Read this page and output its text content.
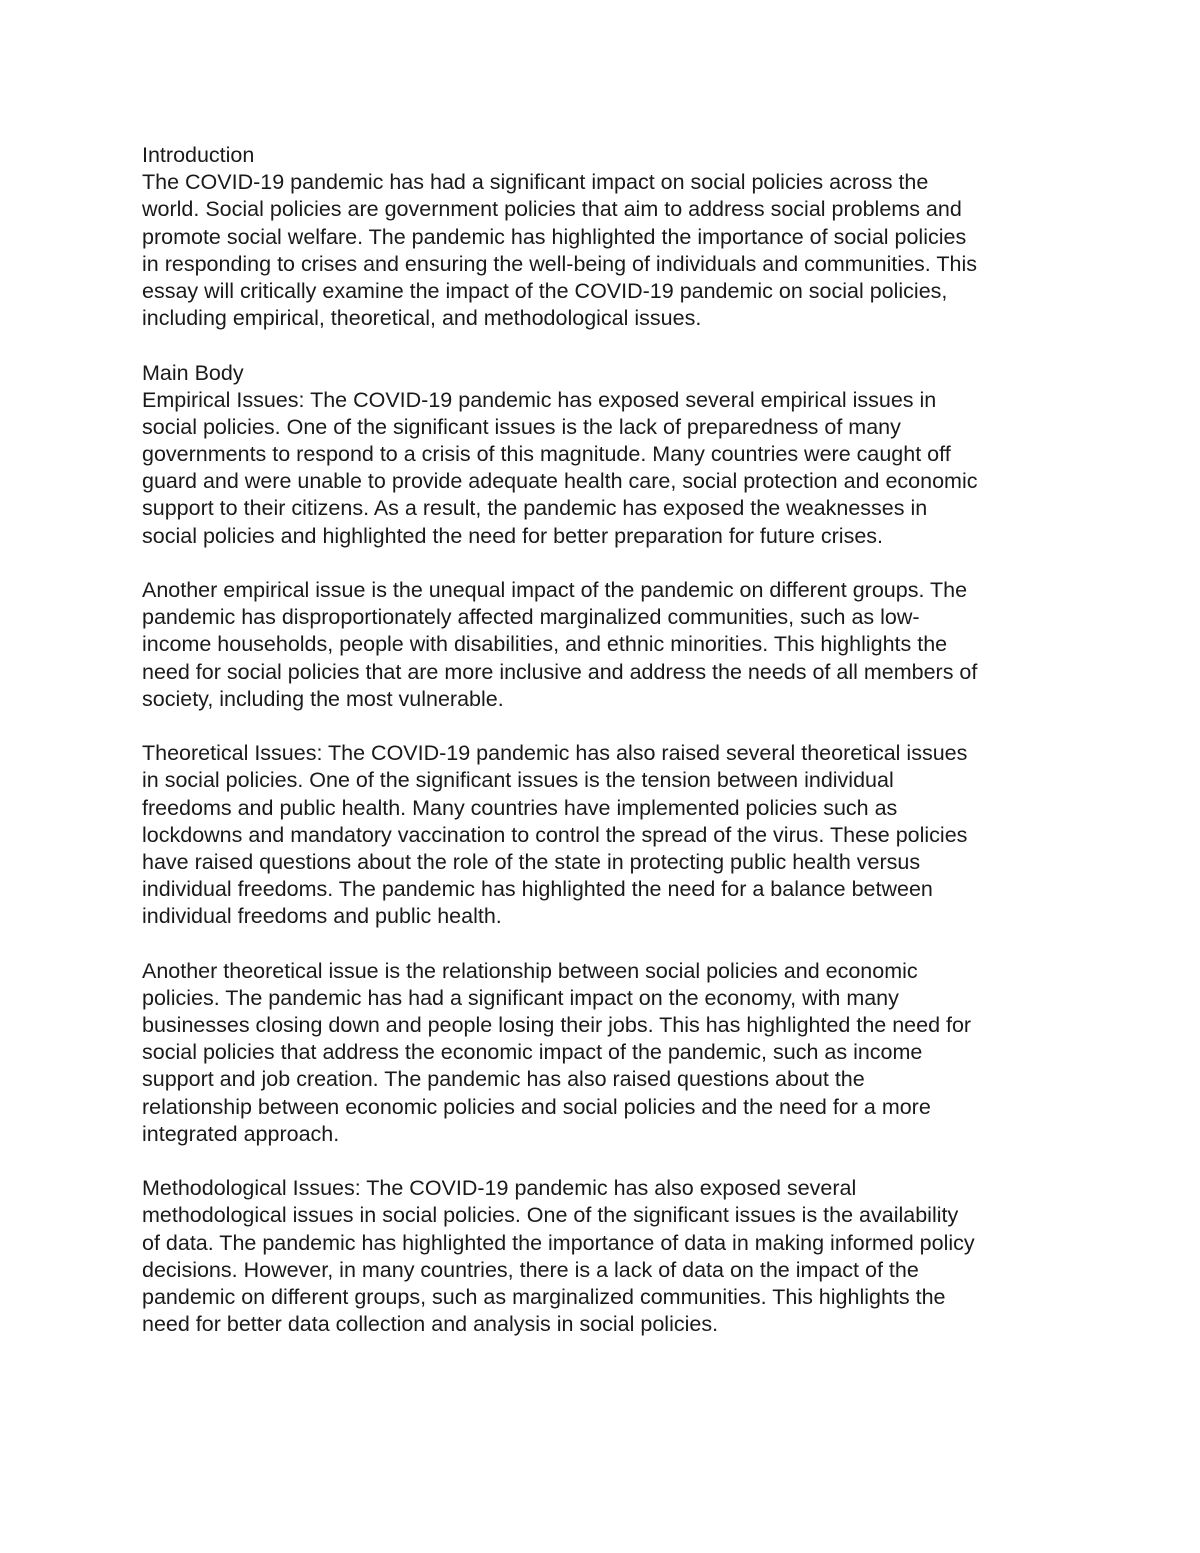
Introduction

The COVID-19 pandemic has had a significant impact on social policies across the
world. Social policies are government policies that aim to address social problems and
promote social welfare. The pandemic has highlighted the importance of social policies
in responding to crises and ensuring the well-being of individuals and communities. This
essay will critically examine the impact of the COVID-19 pandemic on social policies,
including empirical, theoretical, and methodological issues.

Main Body

Empirical Issues: The COVID-19 pandemic has exposed several empirical issues in
social policies. One of the significant issues is the lack of preparedness of many
governments to respond to a crisis of this magnitude. Many countries were caught off
guard and were unable to provide adequate health care, social protection and economic
support to their citizens. As a result, the pandemic has exposed the weaknesses in
social policies and highlighted the need for better preparation for future crises.

Another empirical issue is the unequal impact of the pandemic on different groups. The
pandemic has disproportionately affected marginalized communities, such as low-
income households, people with disabilities, and ethnic minorities. This highlights the
need for social policies that are more inclusive and address the needs of all members of
society, including the most vulnerable.

Theoretical Issues: The COVID-19 pandemic has also raised several theoretical issues
in social policies. One of the significant issues is the tension between individual
freedoms and public health. Many countries have implemented policies such as
lockdowns and mandatory vaccination to control the spread of the virus. These policies
have raised questions about the role of the state in protecting public health versus
individual freedoms. The pandemic has highlighted the need for a balance between
individual freedoms and public health.

Another theoretical issue is the relationship between social policies and economic
policies. The pandemic has had a significant impact on the economy, with many
businesses closing down and people losing their jobs. This has highlighted the need for
social policies that address the economic impact of the pandemic, such as income
support and job creation. The pandemic has also raised questions about the
relationship between economic policies and social policies and the need for a more
integrated approach.

Methodological Issues: The COVID-19 pandemic has also exposed several
methodological issues in social policies. One of the significant issues is the availability
of data. The pandemic has highlighted the importance of data in making informed policy
decisions. However, in many countries, there is a lack of data on the impact of the
pandemic on different groups, such as marginalized communities. This highlights the
need for better data collection and analysis in social policies.
